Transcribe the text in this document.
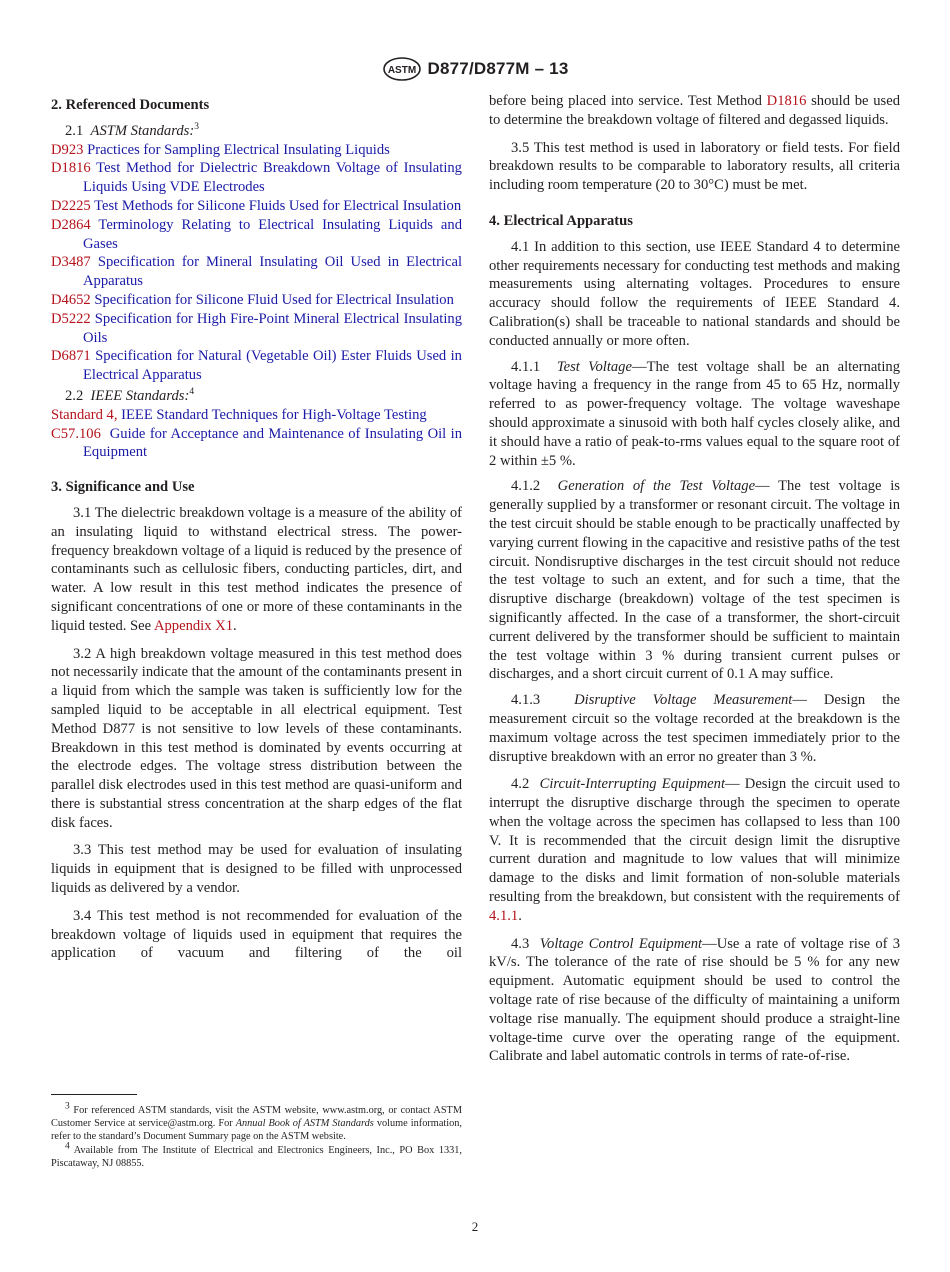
ASTM D877/D877M – 13
2. Referenced Documents

2.1 ASTM Standards:$^3$

D923 Practices for Sampling Electrical Insulating Liquids

D1816 Test Method for Dielectric Breakdown Voltage of Insulating Liquids Using VDE Electrodes

D2225 Test Methods for Silicone Fluids Used for Electrical Insulation

D2864 Terminology Relating to Electrical Insulating Liquids and Gases

D3487 Specification for Mineral Insulating Oil Used in Electrical Apparatus

D4652 Specification for Silicone Fluid Used for Electrical Insulation

D5222 Specification for High Fire-Point Mineral Electrical Insulating Oils

D6871 Specification for Natural (Vegetable Oil) Ester Fluids Used in Electrical Apparatus

2.2 IEEE Standards:$^4$

Standard 4, IEEE Standard Techniques for High-Voltage Testing

C57.106 Guide for Acceptance and Maintenance of Insulating Oil in Equipment

3. Significance and Use

3.1 The dielectric breakdown voltage is a measure of the ability of an insulating liquid to withstand electrical stress. The power-frequency breakdown voltage of a liquid is reduced by the presence of contaminants such as cellulosic fibers, conducting particles, dirt, and water. A low result in this test method indicates the presence of significant concentrations of one or more of these contaminants in the liquid tested. See Appendix X1.

3.2 A high breakdown voltage measured in this test method does not necessarily indicate that the amount of the contaminants present in a liquid from which the sample was taken is sufficiently low for the sampled liquid to be acceptable in all electrical equipment. Test Method D877 is not sensitive to low levels of these contaminants. Breakdown in this test method is dominated by events occurring at the electrode edges. The voltage stress distribution between the parallel disk electrodes used in this test method are quasi-uniform and there is substantial stress concentration at the sharp edges of the flat disk faces.

3.3 This test method may be used for evaluation of insulating liquids in equipment that is designed to be filled with unprocessed liquids as delivered by a vendor.

3.4 This test method is not recommended for evaluation of the breakdown voltage of liquids used in equipment that requires the application of vacuum and filtering of the oil

$^3$ For referenced ASTM standards, visit the ASTM website, www.astm.org, or contact ASTM Customer Service at service@astm.org. For Annual Book of ASTM Standards volume information, refer to the standard’s Document Summary page on the ASTM website.

$^4$ Available from The Institute of Electrical and Electronics Engineers, Inc., PO Box 1331, Piscataway, NJ 08855.

before being placed into service. Test Method D1816 should be used to determine the breakdown voltage of filtered and degassed liquids.

3.5 This test method is used in laboratory or field tests. For field breakdown results to be comparable to laboratory results, all criteria including room temperature (20 to 30°C) must be met.

4. Electrical Apparatus

4.1 In addition to this section, use IEEE Standard 4 to determine other requirements necessary for conducting test methods and making measurements using alternating voltages. Procedures to ensure accuracy should follow the requirements of IEEE Standard 4. Calibration(s) shall be traceable to national standards and should be conducted annually or more often.

4.1.1 Test Voltage—The test voltage shall be an alternating voltage having a frequency in the range from 45 to 65 Hz, normally referred to as power-frequency voltage. The voltage waveshape should approximate a sinusoid with both half cycles closely alike, and it should have a ratio of peak-to-rms values equal to the square root of 2 within ±5 %.

4.1.2 Generation of the Test Voltage— The test voltage is generally supplied by a transformer or resonant circuit. The voltage in the test circuit should be stable enough to be practically unaffected by varying current flowing in the capacitive and resistive paths of the test circuit. Nondisruptive discharges in the test circuit should not reduce the test voltage to such an extent, and for such a time, that the disruptive discharge (breakdown) voltage of the test specimen is significantly affected. In the case of a transformer, the short-circuit current delivered by the transformer should be sufficient to maintain the test voltage within 3 % during transient current pulses or discharges, and a short circuit current of 0.1 A may suffice.

4.1.3 Disruptive Voltage Measurement— Design the measurement circuit so the voltage recorded at the breakdown is the maximum voltage across the test specimen immediately prior to the disruptive breakdown with an error no greater than 3 %.

4.2 Circuit-Interrupting Equipment— Design the circuit used to interrupt the disruptive discharge through the specimen to operate when the voltage across the specimen has collapsed to less than 100 V. It is recommended that the circuit design limit the disruptive current duration and magnitude to low values that will minimize damage to the disks and limit formation of non-soluble materials resulting from the breakdown, but consistent with the requirements of 4.1.1.

4.3 Voltage Control Equipment—Use a rate of voltage rise of 3 kV/s. The tolerance of the rate of rise should be 5 % for any new equipment. Automatic equipment should be used to control the voltage rate of rise because of the difficulty of maintaining a uniform voltage rise manually. The equipment should produce a straight-line voltage-time curve over the operating range of the equipment. Calibrate and label automatic controls in terms of rate-of-rise.

2
